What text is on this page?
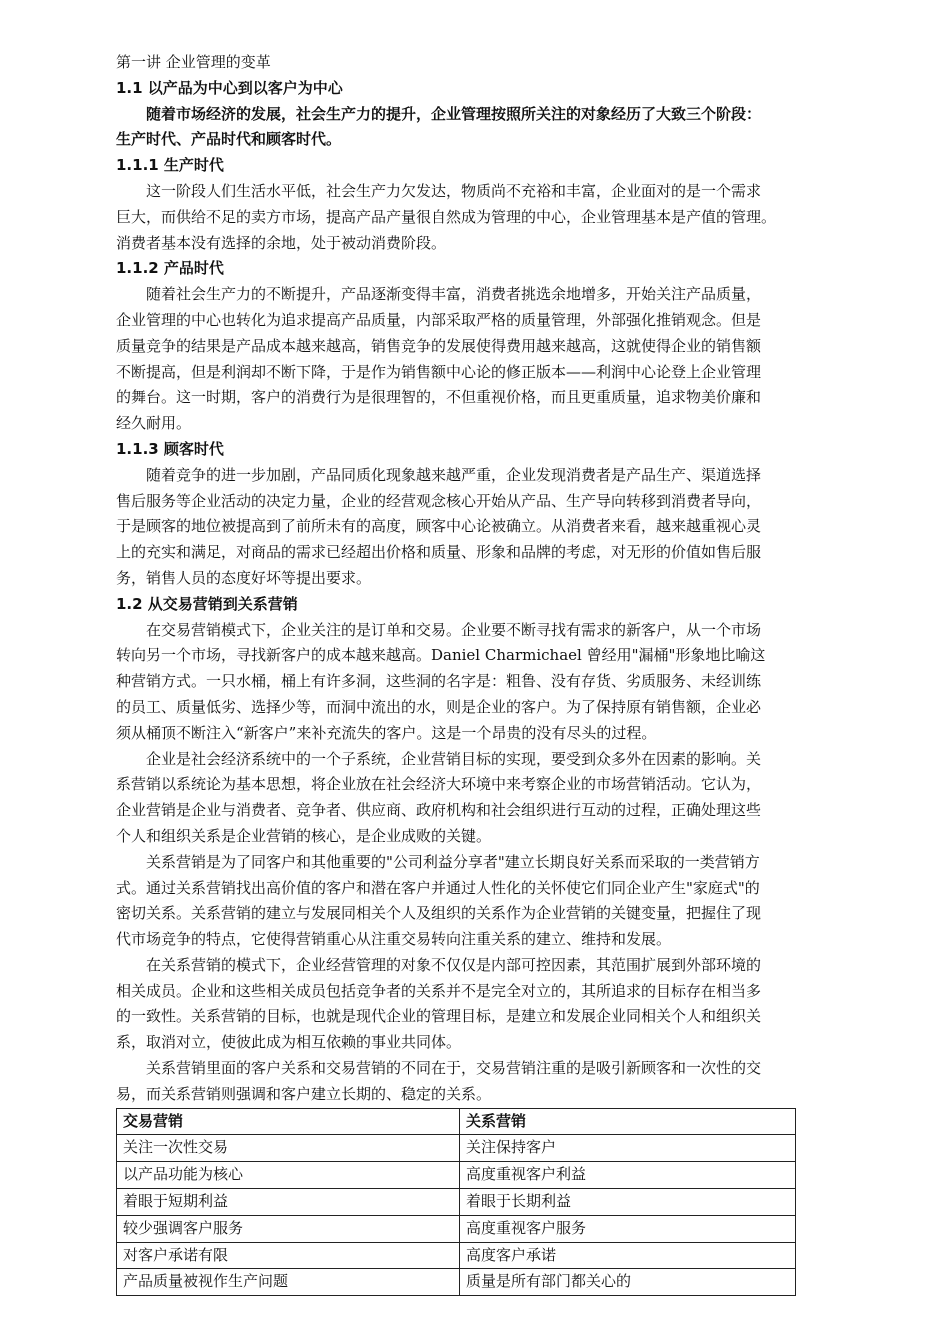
第一讲 企业管理的变革
1.1 以产品为中心到以客户为中心
随着市场经济的发展，社会生产力的提升，企业管理按照所关注的对象经历了大致三个阶段：
生产时代、产品时代和顾客时代。
1.1.1 生产时代
这一阶段人们生活水平低，社会生产力欠发达，物质尚不充裕和丰富，企业面对的是一个需求
巨大，而供给不足的卖方市场，提高产品产量很自然成为管理的中心，企业管理基本是产值的管理。
消费者基本没有选择的余地，处于被动消费阶段。
1.1.2 产品时代
随着社会生产力的不断提升，产品逐渐变得丰富，消费者挑选余地增多，开始关注产品质量，
企业管理的中心也转化为追求提高产品质量，内部采取严格的质量管理，外部强化推销观念。但是
质量竞争的结果是产品成本越来越高，销售竞争的发展使得费用越来越高，这就使得企业的销售额
不断提高，但是利润却不断下降，于是作为销售额中心论的修正版本——利润中心论登上企业管理
的舞台。这一时期，客户的消费行为是很理智的，不但重视价格，而且更重质量，追求物美价廉和
经久耐用。
1.1.3 顾客时代
随着竞争的进一步加剧，产品同质化现象越来越严重，企业发现消费者是产品生产、渠道选择
售后服务等企业活动的决定力量，企业的经营观念核心开始从产品、生产导向转移到消费者导向，
于是顾客的地位被提高到了前所未有的高度，顾客中心论被确立。从消费者来看，越来越重视心灵
上的充实和满足，对商品的需求已经超出价格和质量、形象和品牌的考虑，对无形的价值如售后服
务，销售人员的态度好坏等提出要求。
1.2 从交易营销到关系营销
在交易营销模式下，企业关注的是订单和交易。企业要不断寻找有需求的新客户，从一个市场
转向另一个市场，寻找新客户的成本越来越高。Daniel Charmichael 曾经用"漏桶"形象地比喻这
种营销方式。一只水桶，桶上有许多洞，这些洞的名字是：粗鲁、没有存货、劣质服务、未经训练
的员工、质量低劣、选择少等，而洞中流出的水，则是企业的客户。为了保持原有销售额，企业必
须从桶顶不断注入“新客户”来补充流失的客户。这是一个昂贵的没有尽头的过程。
企业是社会经济系统中的一个子系统，企业营销目标的实现，要受到众多外在因素的影响。关
系营销以系统论为基本思想，将企业放在社会经济大环境中来考察企业的市场营销活动。它认为，
企业营销是企业与消费者、竞争者、供应商、政府机构和社会组织进行互动的过程，正确处理这些
个人和组织关系是企业营销的核心，是企业成败的关键。
关系营销是为了同客户和其他重要的"公司利益分享者"建立长期良好关系而采取的一类营销方
式。通过关系营销找出高价值的客户和潜在客户并通过人性化的关怀使它们同企业产生"家庭式"的
密切关系。关系营销的建立与发展同相关个人及组织的关系作为企业营销的关键变量，把握住了现
代市场竞争的特点，它使得营销重心从注重交易转向注重关系的建立、维持和发展。
在关系营销的模式下，企业经营管理的对象不仅仅是内部可控因素，其范围扩展到外部环境的
相关成员。企业和这些相关成员包括竞争者的关系并不是完全对立的，其所追求的目标存在相当多
的一致性。关系营销的目标，也就是现代企业的管理目标，是建立和发展企业同相关个人和组织关
系，取消对立，使彼此成为相互依赖的事业共同体。
关系营销里面的客户关系和交易营销的不同在于，交易营销注重的是吸引新顾客和一次性的交
易，而关系营销则强调和客户建立长期的、稳定的关系。
交易营销	关系营销
关注一次性交易	关注保持客户
以产品功能为核心	高度重视客户利益
着眼于短期利益	着眼于长期利益
较少强调客户服务	高度重视客户服务
对客户承诺有限	高度客户承诺
产品质量被视作生产问题	质量是所有部门都关心的
